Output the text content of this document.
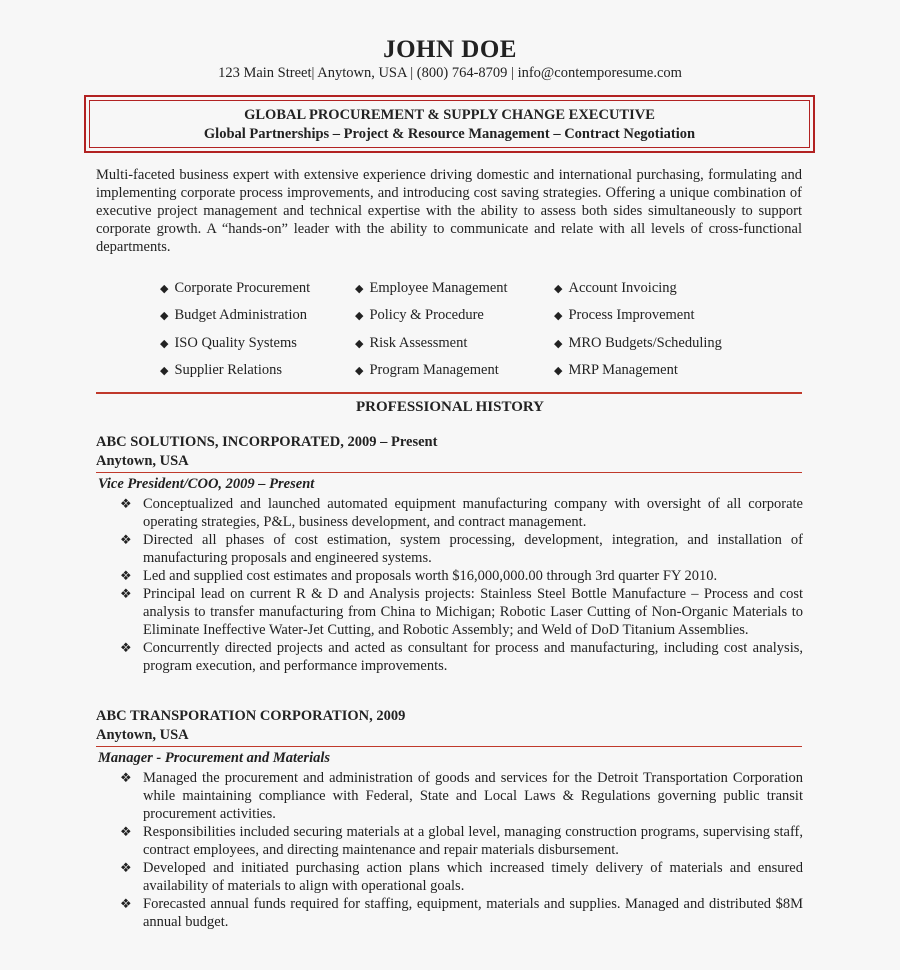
JOHN DOE
123 Main Street| Anytown, USA | (800) 764-8709 | info@contemporesume.com
GLOBAL PROCUREMENT & SUPPLY CHANGE EXECUTIVE
Global Partnerships – Project & Resource Management – Contract Negotiation
Multi-faceted business expert with extensive experience driving domestic and international purchasing, formulating and implementing corporate process improvements, and introducing cost saving strategies. Offering a unique combination of executive project management and technical expertise with the ability to assess both sides simultaneously to support corporate growth. A “hands-on” leader with the ability to communicate and relate with all levels of cross-functional departments.
◆ Corporate Procurement	◆ Employee Management	◆ Account Invoicing
◆ Budget Administration	◆ Policy & Procedure	◆ Process Improvement
◆ ISO Quality Systems	◆ Risk Assessment	◆ MRO Budgets/Scheduling
◆ Supplier Relations	◆ Program Management	◆ MRP Management
PROFESSIONAL HISTORY
ABC SOLUTIONS, INCORPORATED, 2009 – Present
Anytown, USA
Vice President/COO, 2009 – Present
❖ Conceptualized and launched automated equipment manufacturing company with oversight of all corporate operating strategies, P&L, business development, and contract management.
❖ Directed all phases of cost estimation, system processing, development, integration, and installation of manufacturing proposals and engineered systems.
❖ Led and supplied cost estimates and proposals worth $16,000,000.00 through 3rd quarter FY 2010.
❖ Principal lead on current R & D and Analysis projects: Stainless Steel Bottle Manufacture – Process and cost analysis to transfer manufacturing from China to Michigan; Robotic Laser Cutting of Non-Organic Materials to Eliminate Ineffective Water-Jet Cutting, and Robotic Assembly; and Weld of DoD Titanium Assemblies.
❖ Concurrently directed projects and acted as consultant for process and manufacturing, including cost analysis, program execution, and performance improvements.
ABC TRANSPORATION CORPORATION, 2009
Anytown, USA
Manager - Procurement and Materials
❖ Managed the procurement and administration of goods and services for the Detroit Transportation Corporation while maintaining compliance with Federal, State and Local Laws & Regulations governing public transit procurement activities.
❖ Responsibilities included securing materials at a global level, managing construction programs, supervising staff, contract employees, and directing maintenance and repair materials disbursement.
❖ Developed and initiated purchasing action plans which increased timely delivery of materials and ensured availability of materials to align with operational goals.
❖ Forecasted annual funds required for staffing, equipment, materials and supplies. Managed and distributed $8M annual budget.
